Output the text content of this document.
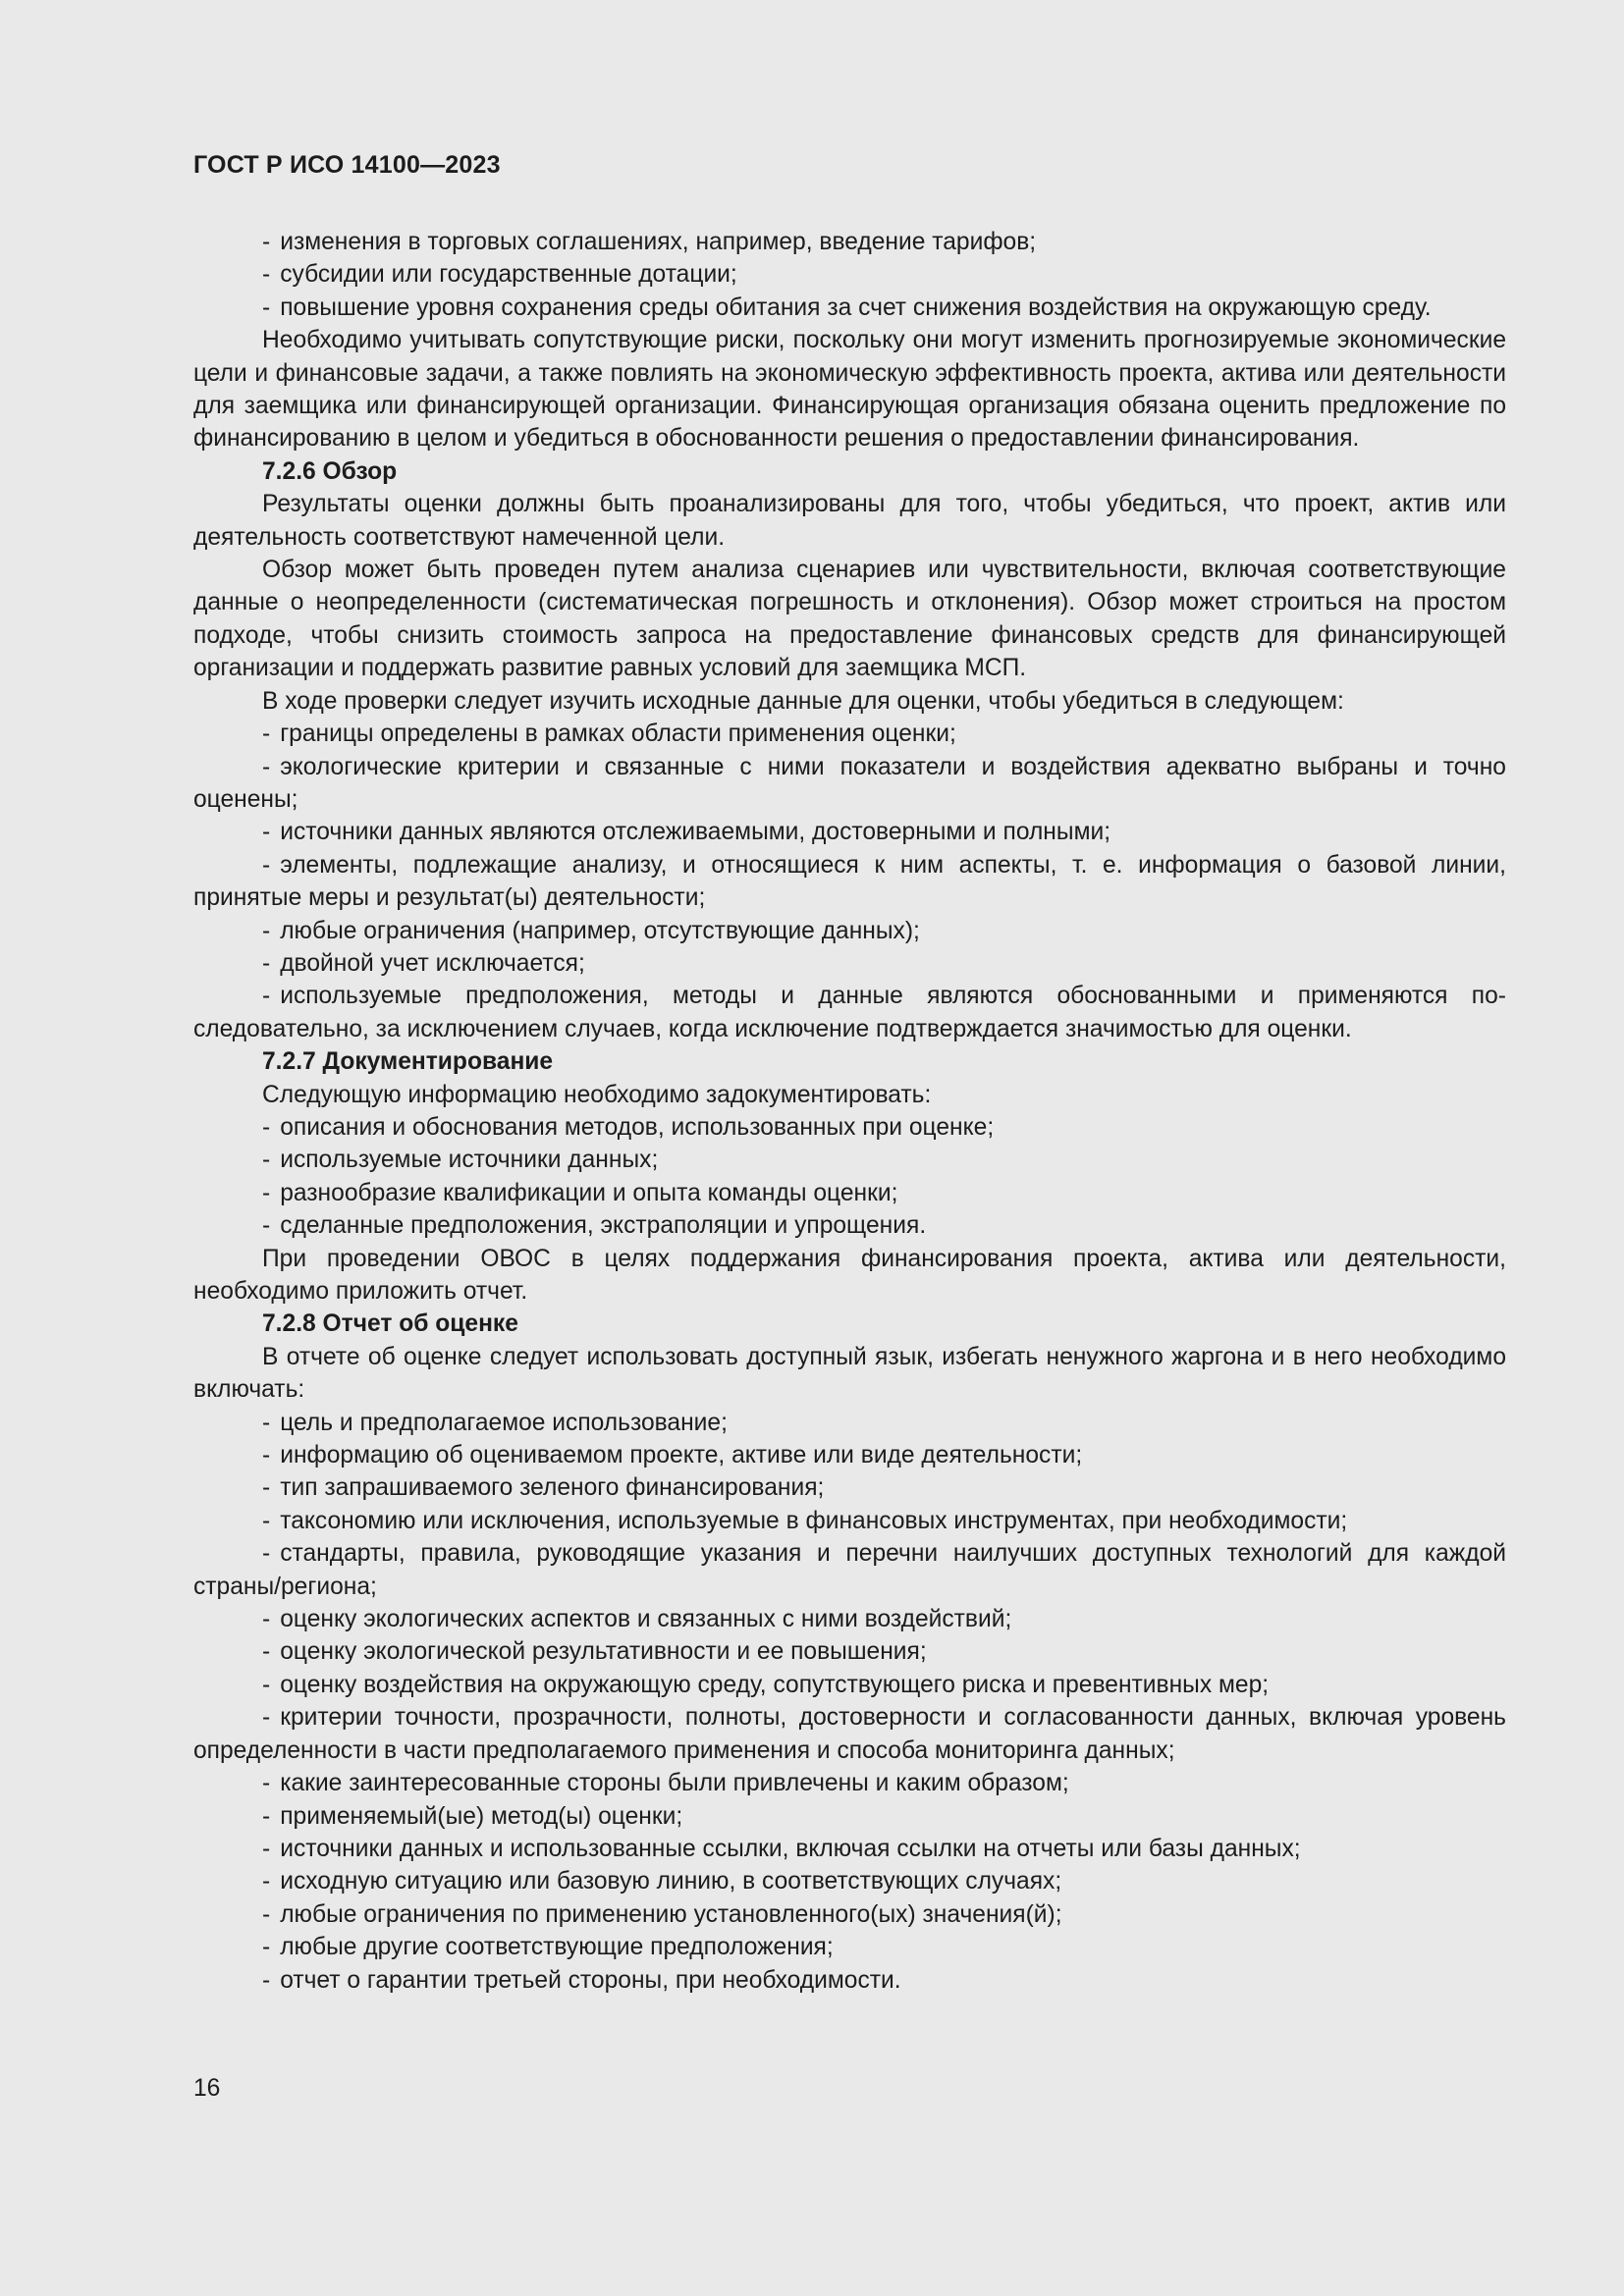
ГОСТ Р ИСО 14100—2023

- изменения в торговых соглашениях, например, введение тарифов;

- субсидии или государственные дотации;

- повышение уровня сохранения среды обитания за счет снижения воздействия на окружающую среду.

Необходимо учитывать сопутствующие риски, поскольку они могут изменить прогнозируемые экономические цели и финансовые задачи, а также повлиять на экономическую эффективность проекта, актива или деятельности для заемщика или финансирующей организации. Финансирующая организация обязана оценить предложение по финансированию в целом и убедиться в обоснованности решения о предоставлении финансирования.

7.2.6 Обзор

Результаты оценки должны быть проанализированы для того, чтобы убедиться, что проект, актив или деятельность соответствуют намеченной цели.

Обзор может быть проведен путем анализа сценариев или чувствительности, включая соответствующие данные о неопределенности (систематическая погрешность и отклонения). Обзор может строиться на простом подходе, чтобы снизить стоимость запроса на предоставление финансовых средств для финансирующей организации и поддержать развитие равных условий для заемщика МСП.

В ходе проверки следует изучить исходные данные для оценки, чтобы убедиться в следующем:

- границы определены в рамках области применения оценки;

- экологические критерии и связанные с ними показатели и воздействия адекватно выбраны и точно оценены;

- источники данных являются отслеживаемыми, достоверными и полными;

- элементы, подлежащие анализу, и относящиеся к ним аспекты, т. е. информация о базовой линии, принятые меры и результат(ы) деятельности;

- любые ограничения (например, отсутствующие данных);

- двойной учет исключается;

- используемые предположения, методы и данные являются обоснованными и применяются последовательно, за исключением случаев, когда исключение подтверждается значимостью для оценки.

7.2.7 Документирование

Следующую информацию необходимо задокументировать:

- описания и обоснования методов, использованных при оценке;

- используемые источники данных;

- разнообразие квалификации и опыта команды оценки;

- сделанные предположения, экстраполяции и упрощения.

При проведении ОВОС в целях поддержания финансирования проекта, актива или деятельности, необходимо приложить отчет.

7.2.8 Отчет об оценке

В отчете об оценке следует использовать доступный язык, избегать ненужного жаргона и в него необходимо включать:

- цель и предполагаемое использование;

- информацию об оцениваемом проекте, активе или виде деятельности;

- тип запрашиваемого зеленого финансирования;

- таксономию или исключения, используемые в финансовых инструментах, при необходимости;

- стандарты, правила, руководящие указания и перечни наилучших доступных технологий для каждой страны/региона;

- оценку экологических аспектов и связанных с ними воздействий;

- оценку экологической результативности и ее повышения;

- оценку воздействия на окружающую среду, сопутствующего риска и превентивных мер;

- критерии точности, прозрачности, полноты, достоверности и согласованности данных, включая уровень определенности в части предполагаемого применения и способа мониторинга данных;

- какие заинтересованные стороны были привлечены и каким образом;

- применяемый(ые) метод(ы) оценки;

- источники данных и использованные ссылки, включая ссылки на отчеты или базы данных;

- исходную ситуацию или базовую линию, в соответствующих случаях;

- любые ограничения по применению установленного(ых) значения(й);

- любые другие соответствующие предположения;

- отчет о гарантии третьей стороны, при необходимости.

16
